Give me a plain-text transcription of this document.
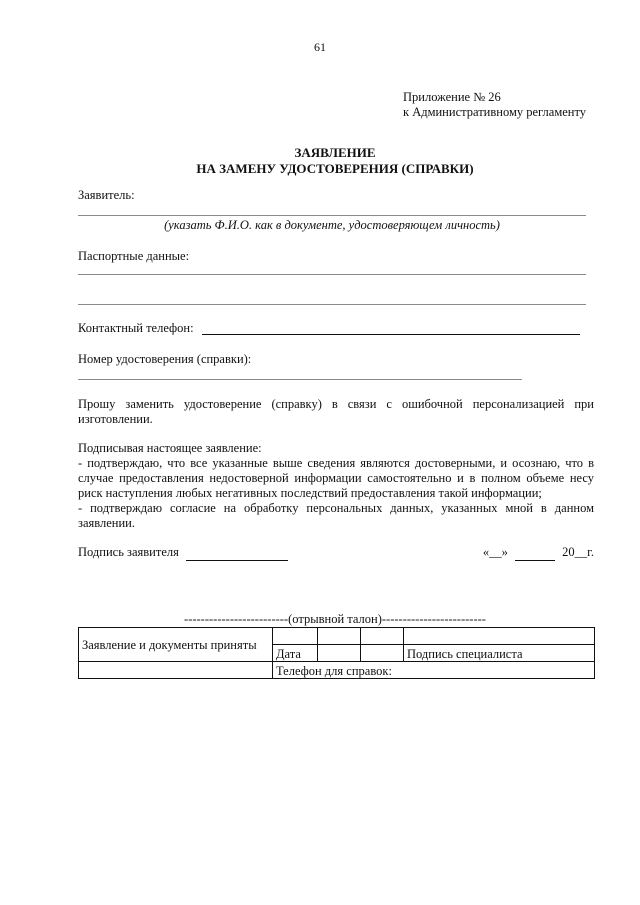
61
Приложение № 26
к Административному регламенту
ЗАЯВЛЕНИЕ
НА ЗАМЕНУ УДОСТОВЕРЕНИЯ (СПРАВКИ)
Заявитель:
(указать Ф.И.О. как в документе, удостоверяющем личность)
Паспортные данные:
Контактный телефон:
Номер удостоверения (справки):
Прошу заменить удостоверение (справку) в связи с ошибочной персонализацией при изготовлении.
Подписывая настоящее заявление:
- подтверждаю, что все указанные выше сведения являются достоверными, и осознаю, что в случае предоставления недостоверной информации самостоятельно и в полном объеме несу риск наступления любых негативных последствий предоставления такой информации;
- подтверждаю согласие на обработку персональных данных, указанных мной в данном заявлении.
Подпись заявителя	«__»	20__г.
-------------------------(отрывной талон)-------------------------
Заявление и документы приняты				
	Дата			Подпись специалиста
	Телефон для справок:			
